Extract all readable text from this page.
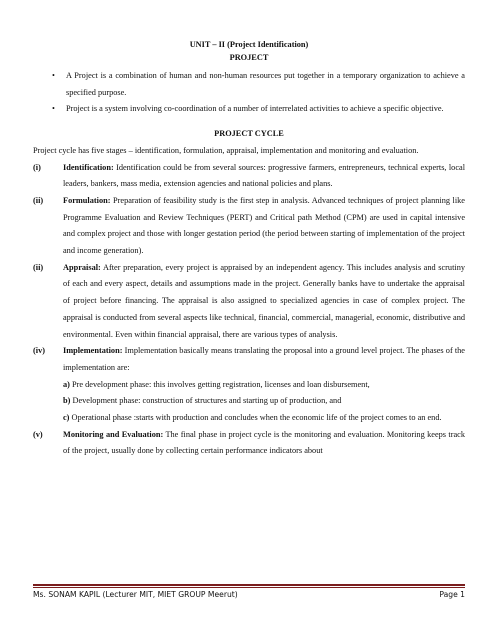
UNIT – II (Project Identification)

PROJECT

• A Project is a combination of human and non-human resources put together in a temporary organization to achieve a specified purpose.
• Project is a system involving co-coordination of a number of interrelated activities to achieve a specific objective.

PROJECT CYCLE

Project cycle has five stages – identification, formulation, appraisal, implementation and monitoring and evaluation.

(i)	Identification: Identification could be from several sources: progressive farmers, entrepreneurs, technical experts, local leaders, bankers, mass media, extension agencies and national policies and plans.

(ii) Formulation: Preparation of feasibility study is the first step in analysis. Advanced techniques of project planning like Programme Evaluation and Review Techniques (PERT) and Critical path Method (CPM) are used in capital intensive and complex project and those with longer gestation period (the period between starting of implementation of the project and income generation).

(ii) Appraisal: After preparation, every project is appraised by an independent agency. This includes analysis and scrutiny of each and every aspect, details and assumptions made in the project. Generally banks have to undertake the appraisal of project before financing. The appraisal is also assigned to specialized agencies in case of complex project. The appraisal is conducted from several aspects like technical, financial, commercial, managerial, economic, distributive and environmental. Even within financial appraisal, there are various types of analysis.

(iv) Implementation: Implementation basically means translating the proposal into a ground level project. The phases of the implementation are:

a) Pre development phase: this involves getting registration, licenses and loan disbursement,

b) Development phase: construction of structures and starting up of production, and

c) Operational phase :starts with production and concludes when the economic life of the project comes to an end.

(v) Monitoring and Evaluation: The final phase in project cycle is the monitoring and evaluation. Monitoring keeps track of the project, usually done by collecting certain performance indicators about

Ms. SONAM KAPIL (Lecturer MIT, MIET GROUP Meerut)	Page 1
